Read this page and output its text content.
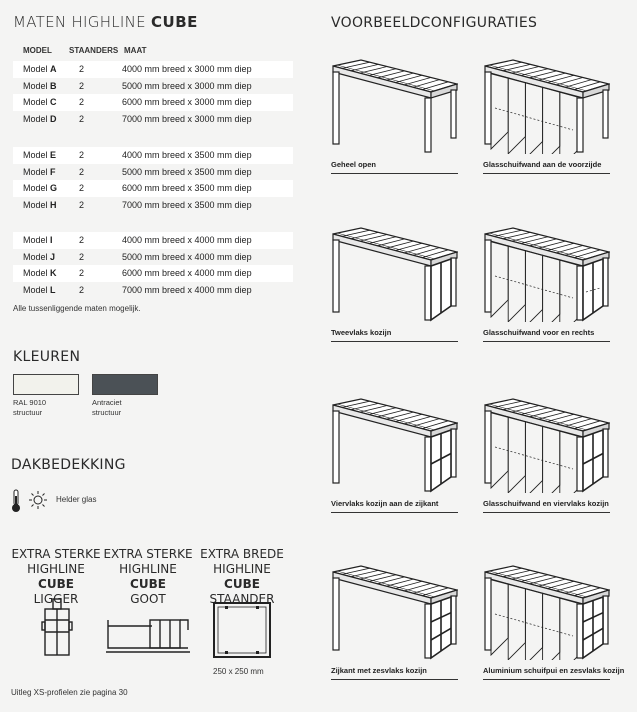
MATEN HIGHLINE CUBE
MODEL STAANDERS MAAT
Model A	2	4000 mm breed x 3000 mm diep
Model B	2	5000 mm breed x 3000 mm diep
Model C	2	6000 mm breed x 3000 mm diep
Model D	2	7000 mm breed x 3000 mm diep
Model E	2	4000 mm breed x 3500 mm diep
Model F	2	5000 mm breed x 3500 mm diep
Model G	2	6000 mm breed x 3500 mm diep
Model H	2	7000 mm breed x 3500 mm diep
Model I	2	4000 mm breed x 4000 mm diep
Model J	2	5000 mm breed x 4000 mm diep
Model K	2	6000 mm breed x 4000 mm diep
Model L	2	7000 mm breed x 4000 mm diep
Alle tussenliggende maten mogelijk.
KLEUREN
RAL 9010
structuur
Antraciet
structuur
DAKBEDEKKING
Helder glas
EXTRA STERKE
HIGHLINE CUBE
LIGGER
EXTRA STERKE
HIGHLINE CUBE
GOOT
EXTRA BREDE
HIGHLINE CUBE
STAANDER
250 x 250 mm
Uitleg XS-profielen zie pagina 30
VOORBEELDCONFIGURATIES
Geheel open	Glasschuifwand aan de voorzijde
Tweevlaks kozijn	Glasschuifwand voor en rechts
Viervlaks kozijn aan de zijkant	Glasschuifwand en viervlaks kozijn
Zijkant met zesvlaks kozijn	Aluminium schuifpui en zesvlaks kozijn
